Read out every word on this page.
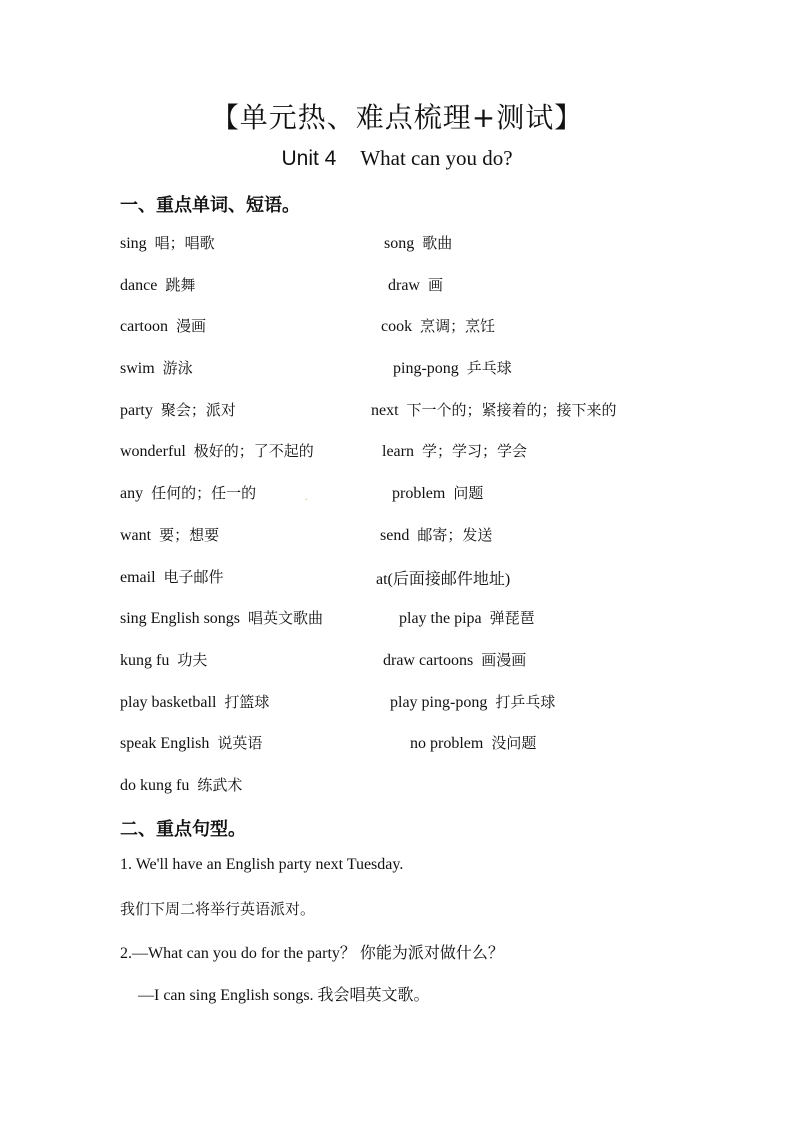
【单元热、难点梳理+测试】
Unit 4 What can you do?
一、重点单词、短语。
sing 唱；唱歌	song 歌曲
dance 跳舞	draw 画
cartoon 漫画	cook 烹调；烹饪
swim 游泳	ping-pong 乒乓球
party 聚会；派对	next 下一个的；紧接着的；接下来的
wonderful 极好的；了不起的	learn 学；学习；学会
any 任何的；任一的	problem 问题
want 要；想要	send 邮寄；发送
email 电子邮件	at(后面接邮件地址)
sing English songs 唱英文歌曲	play the pipa 弹琵琶
kung fu 功夫	draw cartoons 画漫画
play basketball 打篮球	play ping-pong 打乒乓球
speak English 说英语	no problem 没问题
do kung fu 练武术
.
二、重点句型。
1. We'll have an English party next Tuesday.
我们下周二将举行英语派对。
2.—What can you do for the party？ 你能为派对做什么？
—I can sing English songs. 我会唱英文歌。
